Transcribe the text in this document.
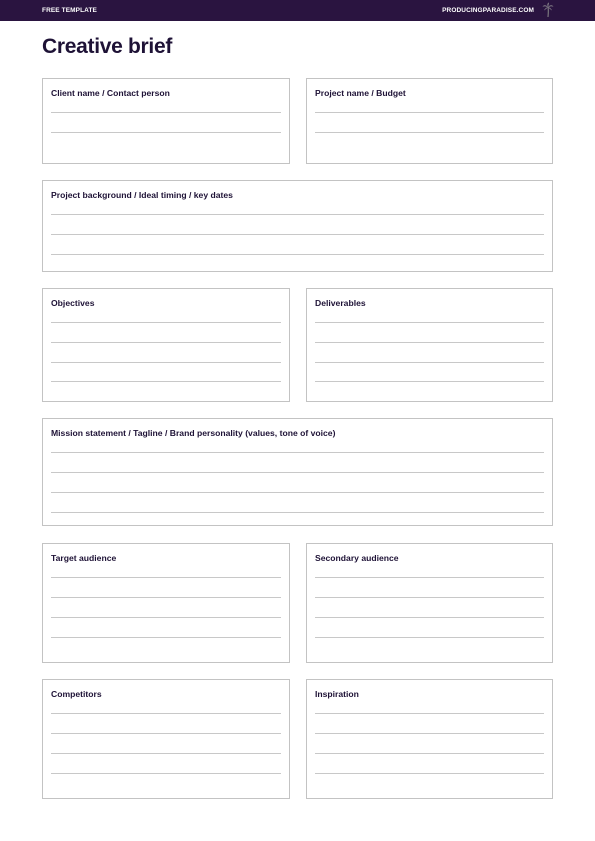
FREE TEMPLATE	PRODUCINGPARADISE.COM
Creative brief
Client name / Contact person	Project name / Budget
Project background / Ideal timing / key dates
Objectives	Deliverables
Mission statement / Tagline / Brand personality (values, tone of voice)
Target audience	Secondary audience
Competitors	Inspiration
